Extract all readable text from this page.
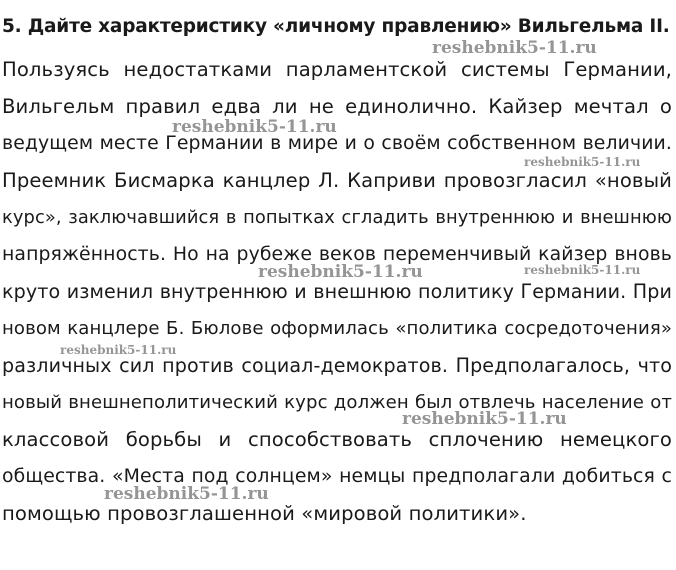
5. Дайте характеристику «личному правлению» Вильгельма II.
Пользуясь недостатками парламентской системы Германии,
Вильгельм правил едва ли не единолично. Кайзер мечтал о
ведущем месте Германии в мире и о своём собственном величии.
Преемник Бисмарка канцлер Л. Каприви провозгласил «новый
курс», заключавшийся в попытках сгладить внутреннюю и внешнюю
напряжённость. Но на рубеже веков переменчивый кайзер вновь
круто изменил внутреннюю и внешнюю политику Германии. При
новом канцлере Б. Бюлове оформилась «политика сосредоточения»
различных сил против социал-демократов. Предполагалось, что
новый внешнеполитический курс должен был отвлечь население от
классовой борьбы и способствовать сплочению немецкого
общества. «Места под солнцем» немцы предполагали добиться с
помощью провозглашенной «мировой политики».
reshebnik5-11.ru
reshebnik5-11.ru
reshebnik5-11.ru
reshebnik5-11.ru	reshebnik5-11.ru
reshebnik5-11.ru
reshebnik5-11.ru
reshebnik5-11.ru
